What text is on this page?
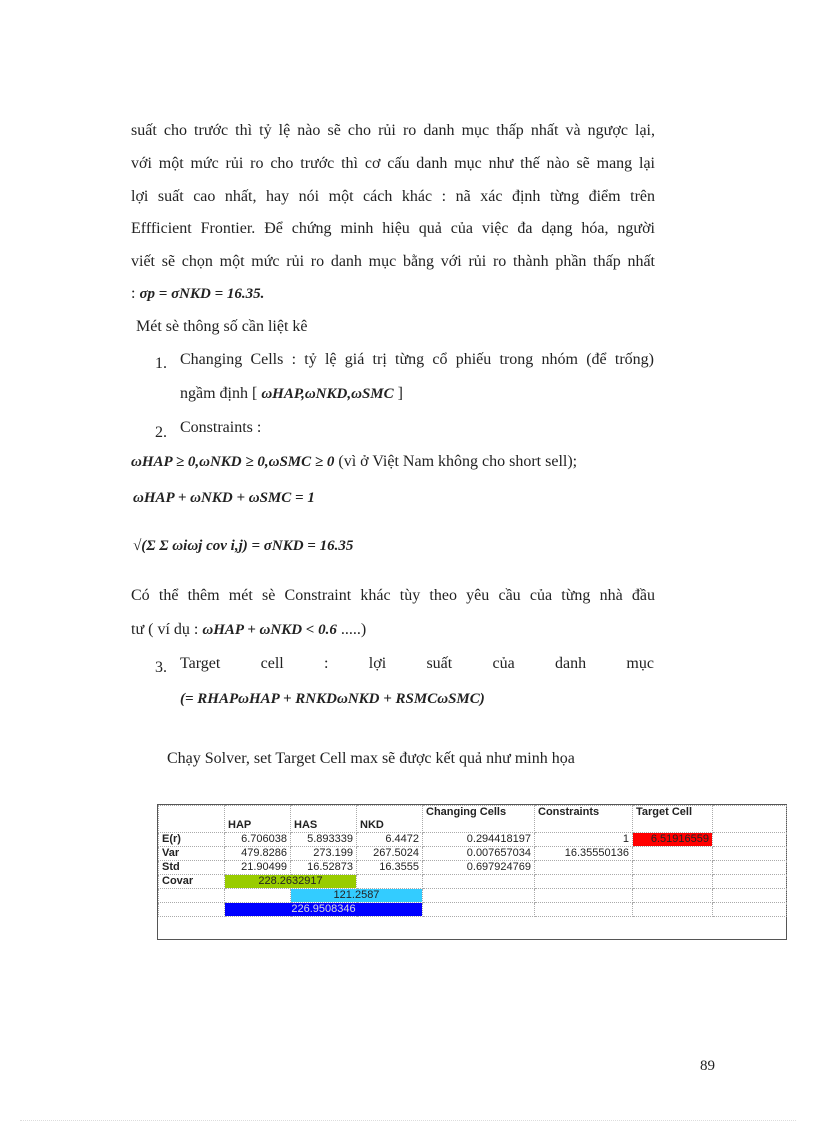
suất cho trước thì tỷ lệ nào sẽ cho rủi ro danh mục thấp nhất và ngược lại,
với một mức rủi ro cho trước thì cơ cấu danh mục như thế nào sẽ mang lại
lợi suất cao nhất, hay nói một cách khác : nã xác định từng điểm trên
Effficient Frontier. Để chứng minh hiệu quả của việc đa dạng hóa, người
viết sẽ chọn một mức rủi ro danh mục bằng với rủi ro thành phần thấp nhất
: σp = σNKD = 16.35.
Mét sè thông số cần liệt kê
1. Changing Cells : tỷ lệ giá trị từng cổ phiếu trong nhóm (để trống)
ngầm định [ ωHAP,ωNKD,ωSMC ]
2. Constraints :
ωHAP ≥ 0,ωNKD ≥ 0,ωSMC ≥ 0 (vì ở Việt Nam không cho short sell);
ωHAP + ωNKD + ωSMC = 1
√(Σ Σ ωiωj cov i,j) = σNKD = 16.35
Có thể thêm mét sè Constraint khác tùy theo yêu cầu của từng nhà đầu
tư ( ví dụ : ωHAP + ωNKD < 0.6 .....)
3. Target	cell	:	lợi	suất	của	danh	mục
(= RHAPωHAP + RNKDωNKD + RSMCωSMC)
Chạy Solver, set Target Cell max sẽ được kết quả như minh họa
	HAP	HAS	NKD	Changing Cells	Constraints	Target Cell	
E(r)	6.706038	5.893339	6.4472	0.294418197	1	6.51916559	
Var	479.8286	273.199	267.5024	0.007657034	16.35550136		
Std	21.90499	16.52873	16.3555	0.697924769			
Covar	228.2632917						
		121.2587					
	226.9508346						
89
